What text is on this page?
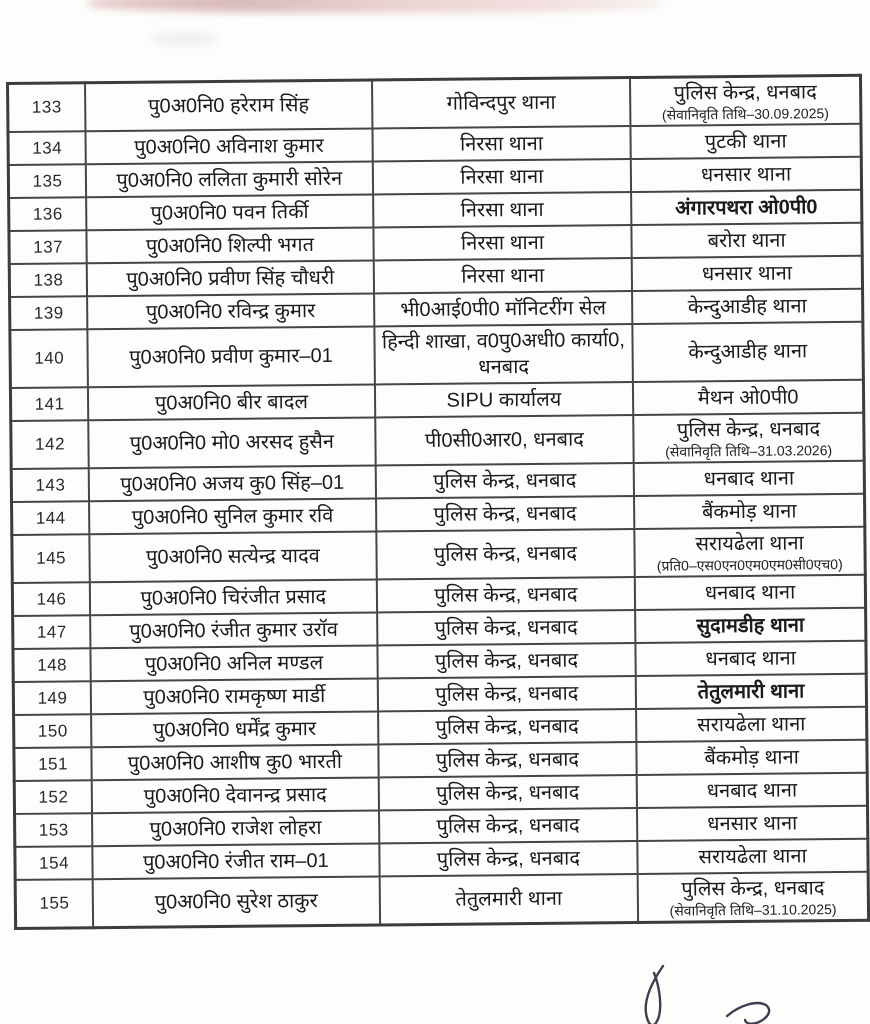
133	पु0अ0नि0 हरेराम सिंह	गोविन्दपुर थाना	पुलिस केन्द्र, धनबाद
(सेवानिवृति तिथि–30.09.2025)

134	पु0अ0नि0 अविनाश कुमार	निरसा थाना	पुटकी थाना
135	पु0अ0नि0 ललिता कुमारी सोरेन	निरसा थाना	धनसार थाना
136	पु0अ0नि0 पवन तिर्की	निरसा थाना	अंगारपथरा ओ0पी0
137	पु0अ0नि0 शिल्पी भगत	निरसा थाना	बरोरा थाना
138	पु0अ0नि0 प्रवीण सिंह चौधरी	निरसा थाना	धनसार थाना
139	पु0अ0नि0 रविन्द्र कुमार	भी0आई0पी0 मॉनिटरींग सेल	केन्दुआडीह थाना
140	पु0अ0नि0 प्रवीण कुमार–01	हिन्दी शाखा, व0पु0अधी0 कार्या0, धनबाद	केन्दुआडीह थाना
141	पु0अ0नि0 बीर बादल	SIPU कार्यालय	मैथन ओ0पी0
142	पु0अ0नि0 मो0 अरसद हुसैन	पी0सी0आर0, धनबाद	पुलिस केन्द्र, धनबाद
(सेवानिवृति तिथि–31.03.2026)

143	पु0अ0नि0 अजय कु0 सिंह–01	पुलिस केन्द्र, धनबाद	धनबाद थाना
144	पु0अ0नि0 सुनिल कुमार रवि	पुलिस केन्द्र, धनबाद	बैंकमोड़ थाना
145	पु0अ0नि0 सत्येन्द्र यादव	पुलिस केन्द्र, धनबाद	सरायढेला थाना
(प्रति0–एस0एन0एम0एम0सी0एच0)

146	पु0अ0नि0 चिरंजीत प्रसाद	पुलिस केन्द्र, धनबाद	धनबाद थाना
147	पु0अ0नि0 रंजीत कुमार उरॉव	पुलिस केन्द्र, धनबाद	सुदामडीह थाना
148	पु0अ0नि0 अनिल मण्डल	पुलिस केन्द्र, धनबाद	धनबाद थाना
149	पु0अ0नि0 रामकृष्ण मार्डी	पुलिस केन्द्र, धनबाद	तेतुलमारी थाना
150	पु0अ0नि0 धर्मेंद्र कुमार	पुलिस केन्द्र, धनबाद	सरायढेला थाना
151	पु0अ0नि0 आशीष कु0 भारती	पुलिस केन्द्र, धनबाद	बैंकमोड़ थाना
152	पु0अ0नि0 देवानन्द्र प्रसाद	पुलिस केन्द्र, धनबाद	धनबाद थाना
153	पु0अ0नि0 राजेश लोहरा	पुलिस केन्द्र, धनबाद	धनसार थाना
154	पु0अ0नि0 रंजीत राम–01	पुलिस केन्द्र, धनबाद	सरायढेला थाना
155	पु0अ0नि0 सुरेश ठाकुर	तेतुलमारी थाना	पुलिस केन्द्र, धनबाद
(सेवानिवृति तिथि–31.10.2025)
